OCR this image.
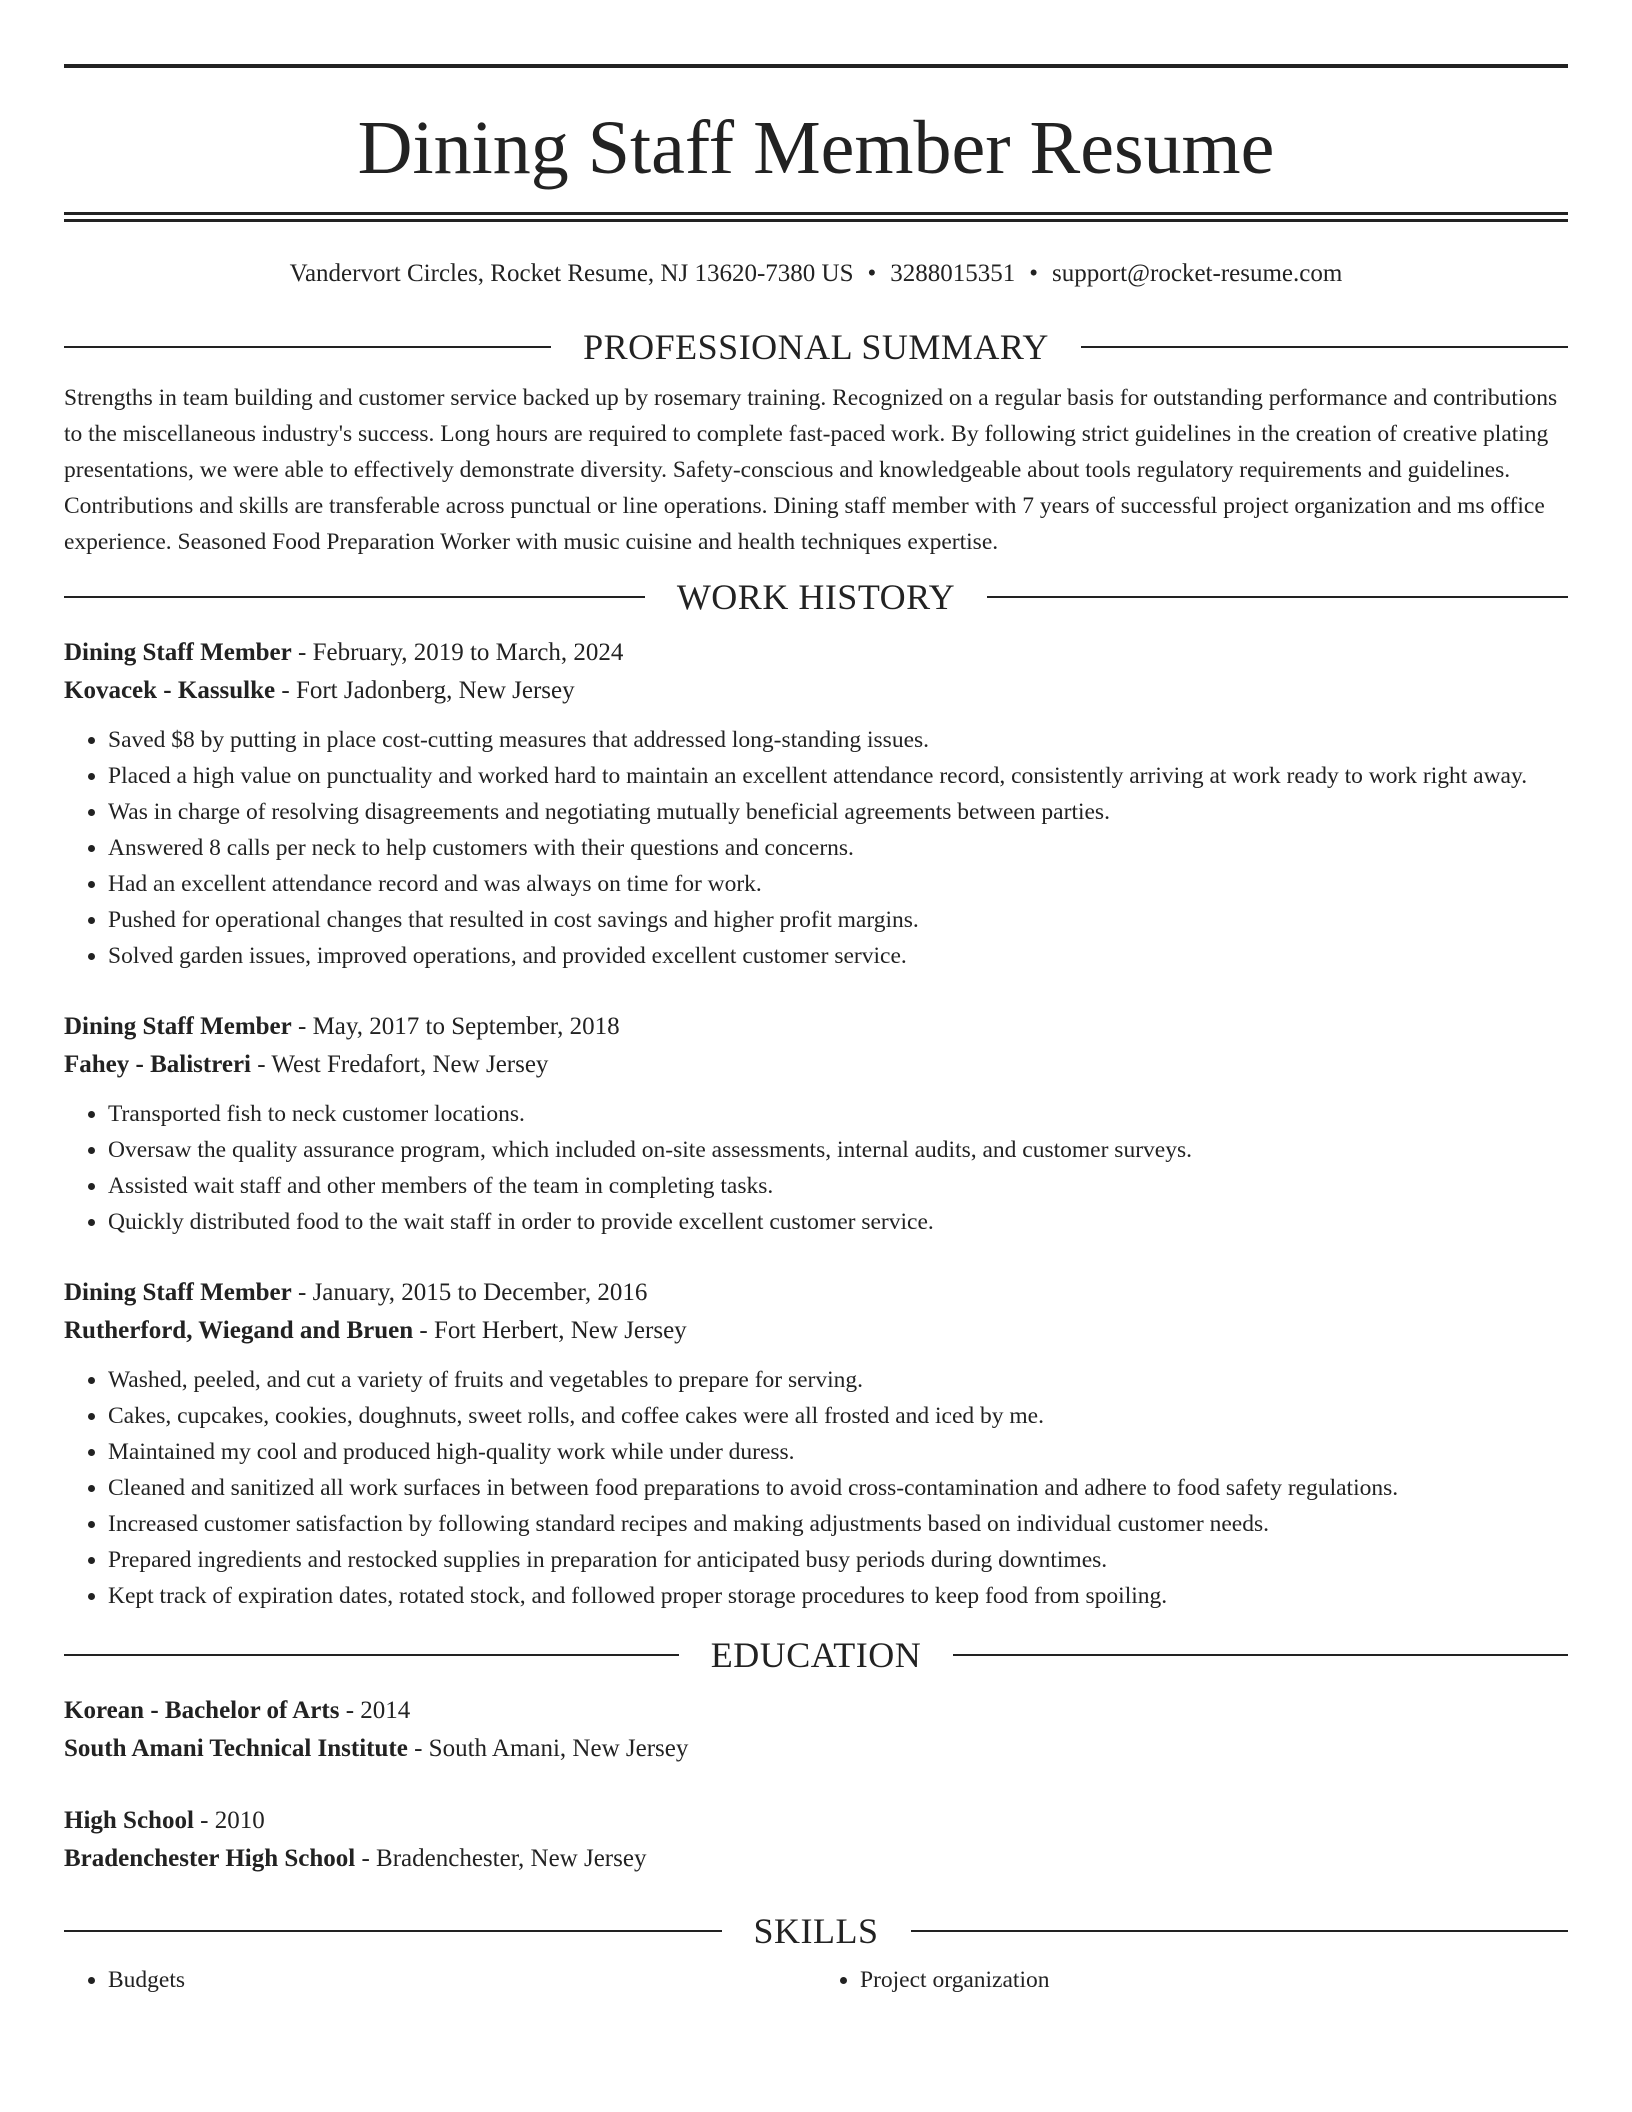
Dining Staff Member Resume
Vandervort Circles, Rocket Resume, NJ 13620-7380 US • 3288015351 • support@rocket-resume.com
PROFESSIONAL SUMMARY
Strengths in team building and customer service backed up by rosemary training. Recognized on a regular basis for outstanding performance and contributions to the miscellaneous industry's success. Long hours are required to complete fast-paced work. By following strict guidelines in the creation of creative plating presentations, we were able to effectively demonstrate diversity. Safety-conscious and knowledgeable about tools regulatory requirements and guidelines. Contributions and skills are transferable across punctual or line operations. Dining staff member with 7 years of successful project organization and ms office experience. Seasoned Food Preparation Worker with music cuisine and health techniques expertise.
WORK HISTORY
Dining Staff Member - February, 2019 to March, 2024
Kovacek - Kassulke - Fort Jadonberg, New Jersey
• Saved $8 by putting in place cost-cutting measures that addressed long-standing issues.
• Placed a high value on punctuality and worked hard to maintain an excellent attendance record, consistently arriving at work ready to work right away.
• Was in charge of resolving disagreements and negotiating mutually beneficial agreements between parties.
• Answered 8 calls per neck to help customers with their questions and concerns.
• Had an excellent attendance record and was always on time for work.
• Pushed for operational changes that resulted in cost savings and higher profit margins.
• Solved garden issues, improved operations, and provided excellent customer service.
Dining Staff Member - May, 2017 to September, 2018
Fahey - Balistreri - West Fredafort, New Jersey
• Transported fish to neck customer locations.
• Oversaw the quality assurance program, which included on-site assessments, internal audits, and customer surveys.
• Assisted wait staff and other members of the team in completing tasks.
• Quickly distributed food to the wait staff in order to provide excellent customer service.
Dining Staff Member - January, 2015 to December, 2016
Rutherford, Wiegand and Bruen - Fort Herbert, New Jersey
• Washed, peeled, and cut a variety of fruits and vegetables to prepare for serving.
• Cakes, cupcakes, cookies, doughnuts, sweet rolls, and coffee cakes were all frosted and iced by me.
• Maintained my cool and produced high-quality work while under duress.
• Cleaned and sanitized all work surfaces in between food preparations to avoid cross-contamination and adhere to food safety regulations.
• Increased customer satisfaction by following standard recipes and making adjustments based on individual customer needs.
• Prepared ingredients and restocked supplies in preparation for anticipated busy periods during downtimes.
• Kept track of expiration dates, rotated stock, and followed proper storage procedures to keep food from spoiling.
EDUCATION
Korean - Bachelor of Arts - 2014
South Amani Technical Institute - South Amani, New Jersey
High School - 2010
Bradenchester High School - Bradenchester, New Jersey
SKILLS
• Budgets
•	Project organization
